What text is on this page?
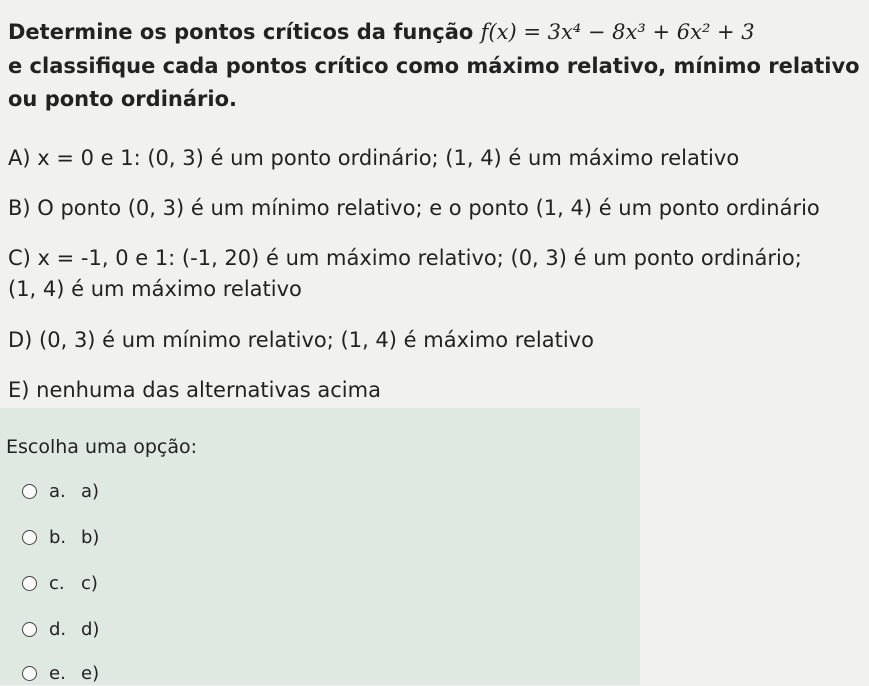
Determine os pontos críticos da função f(x) = 3x⁴ − 8x³ + 6x² + 3
e classifique cada pontos crítico como máximo relativo, mínimo relativo
ou ponto ordinário.
A) x = 0 e 1: (0, 3) é um ponto ordinário; (1, 4) é um máximo relativo
B) O ponto (0, 3) é um mínimo relativo; e o ponto (1, 4) é um ponto ordinário
C) x = -1, 0 e 1: (-1, 20) é um máximo relativo; (0, 3) é um ponto ordinário;
(1, 4) é um máximo relativo
D) (0, 3) é um mínimo relativo; (1, 4) é máximo relativo
E) nenhuma das alternativas acima
Escolha uma opção:
a. a)
b. b)
c. c)
d. d)
e. e)
